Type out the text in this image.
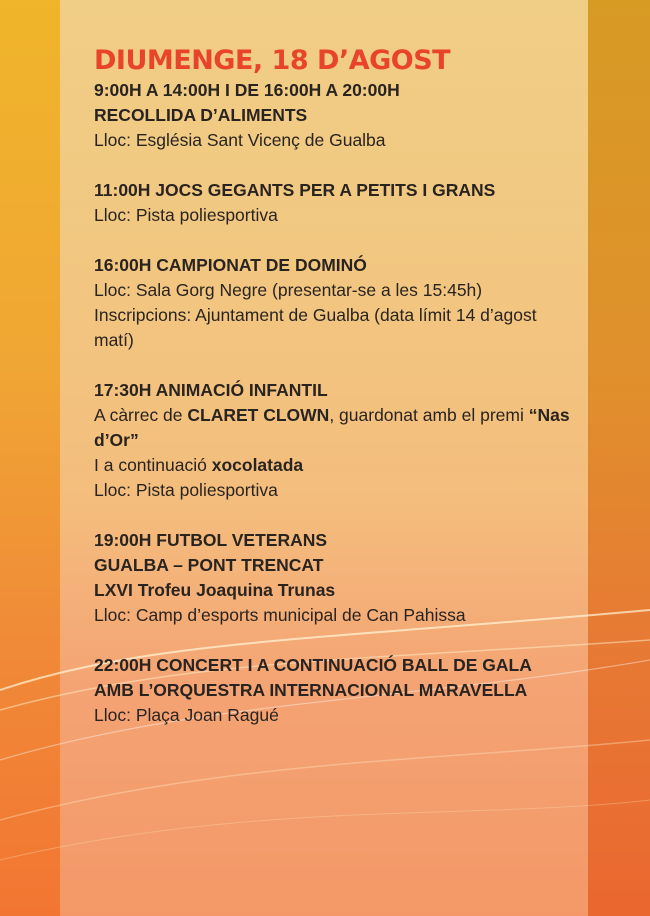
DIUMENGE, 18 D’AGOST
9:00H A 14:00H I DE 16:00H A 20:00H
RECOLLIDA D’ALIMENTS
Lloc: Església Sant Vicenç de Gualba
11:00H JOCS GEGANTS PER A PETITS I GRANS
Lloc: Pista poliesportiva
16:00H CAMPIONAT DE DOMINÓ
Lloc: Sala Gorg Negre (presentar-se a les 15:45h)
Inscripcions: Ajuntament de Gualba (data límit 14 d’agost matí)
17:30H ANIMACIÓ INFANTIL
A càrrec de CLARET CLOWN, guardonat amb el premi “Nas d’Or”
I a continuació xocolatada
Lloc: Pista poliesportiva
19:00H FUTBOL VETERANS
GUALBA – PONT TRENCAT
LXVI Trofeu Joaquina Trunas
Lloc: Camp d’esports municipal de Can Pahissa
22:00H CONCERT I A CONTINUACIÓ BALL DE GALA
AMB L’ORQUESTRA INTERNACIONAL MARAVELLA
Lloc: Plaça Joan Ragué
